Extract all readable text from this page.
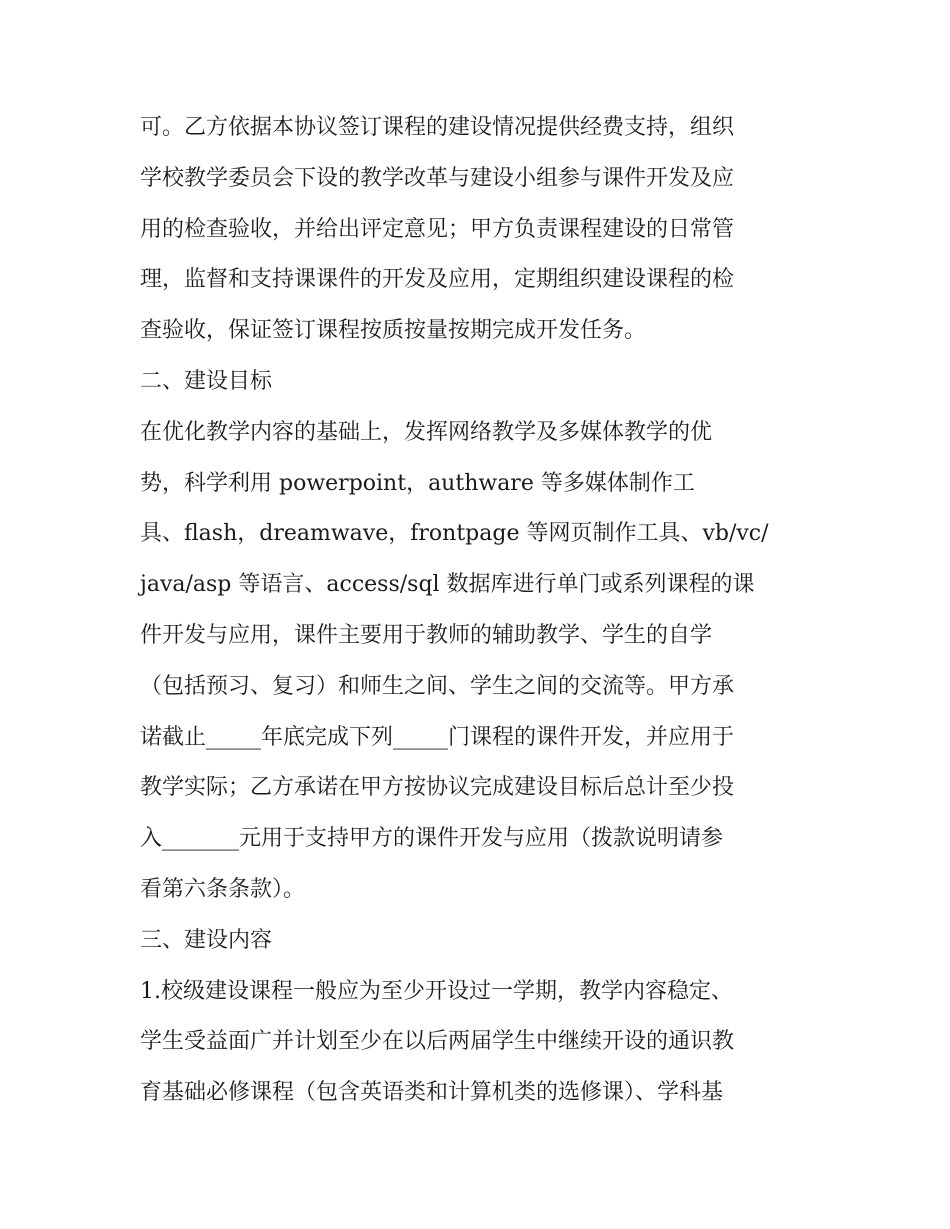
可。乙方依据本协议签订课程的建设情况提供经费支持，组织
学校教学委员会下设的教学改革与建设小组参与课件开发及应
用的检查验收，并给出评定意见；甲方负责课程建设的日常管
理，监督和支持课课件的开发及应用，定期组织建设课程的检
查验收，保证签订课程按质按量按期完成开发任务。
二、建设目标
在优化教学内容的基础上，发挥网络教学及多媒体教学的优
势，科学利用 powerpoint，authware 等多媒体制作工
具、flash，dreamwave，frontpage 等网页制作工具、vb/vc/
java/asp 等语言、access/sql 数据库进行单门或系列课程的课
件开发与应用，课件主要用于教师的辅助教学、学生的自学
（包括预习、复习）和师生之间、学生之间的交流等。甲方承
诺截止_____年底完成下列_____门课程的课件开发，并应用于
教学实际；乙方承诺在甲方按协议完成建设目标后总计至少投
入_______元用于支持甲方的课件开发与应用（拨款说明请参
看第六条条款）。
三、建设内容
1.校级建设课程一般应为至少开设过一学期，教学内容稳定、
学生受益面广并计划至少在以后两届学生中继续开设的通识教
育基础必修课程（包含英语类和计算机类的选修课）、学科基
